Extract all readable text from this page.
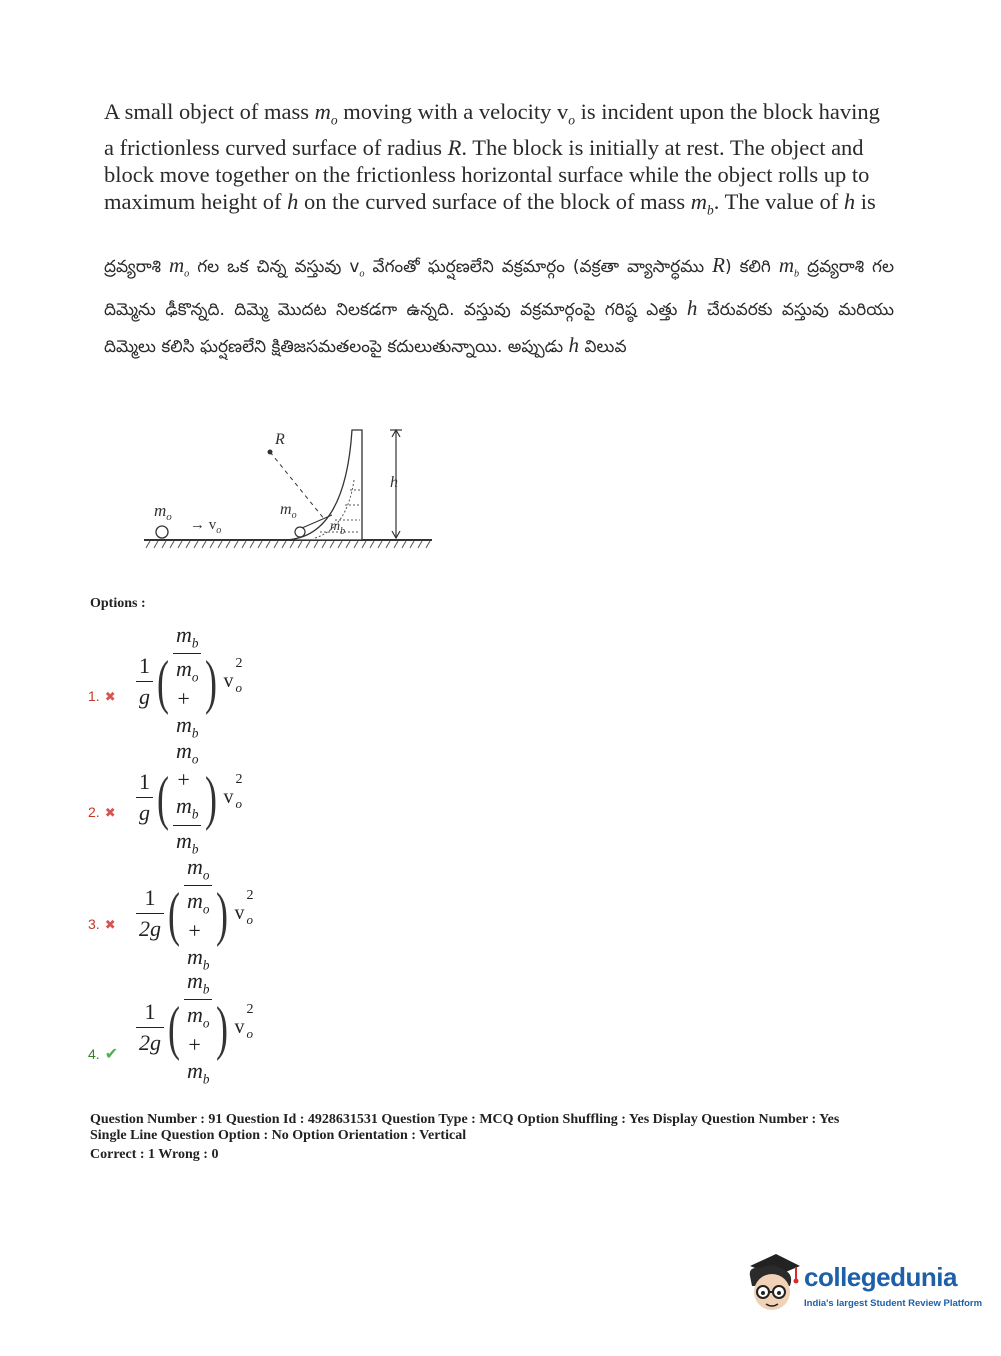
A small object of mass $m_o$ moving with a velocity $v_o$ is incident upon the block having a frictionless curved surface of radius R. The block is initially at rest. The object and block move together on the frictionless horizontal surface while the object rolls up to maximum height of h on the curved surface of the block of mass $m_b$. The value of h is
ద్రవ్యరాశి $m_o$ గల ఒక చిన్న వస్తువు $v_o$ వేగంతో ఘర్షణలేని వక్రమార్గం (వక్రతా వ్యాసార్ధము R) కలిగి $m_b$ ద్రవ్యరాశి గల దిమ్మెను ఢీకొన్నది. దిమ్మె మొదట నిలకడగా ఉన్నది. వస్తువు వక్రమార్గంపై గరిష్ఠ ఎత్తు h చేరువరకు వస్తువు మరియు దిమ్మెలు కలిసి ఘర్షణలేని క్షితిజసమతలంపై కదులుతున్నాయి. అప్పుడు h విలువ
$m_o \to v_o$
R
$m_o$
$m_b$
h
Options :
$\frac{1}{g}$ ( $\frac{m_b}{m_o + m_b}$ ) v
2
o
1. ✖
$\frac{1}{g}$ ( $\frac{m_o + m_b}{m_b}$ ) v
2
o
2. ✖
$\frac{1}{2g}$ ( $\frac{m_o}{m_o + m_b}$ ) v
2
o
3. ✖
$\frac{1}{2g}$ ( $\frac{m_b}{m_o + m_b}$ ) v
2
o
4. ✔
Question Number : 91 Question Id : 4928631531 Question Type : MCQ Option Shuffling : Yes Display Question Number : Yes
Single Line Question Option : No Option Orientation : Vertical
Correct : 1 Wrong : 0
collegedunia
India's largest Student Review Platform
